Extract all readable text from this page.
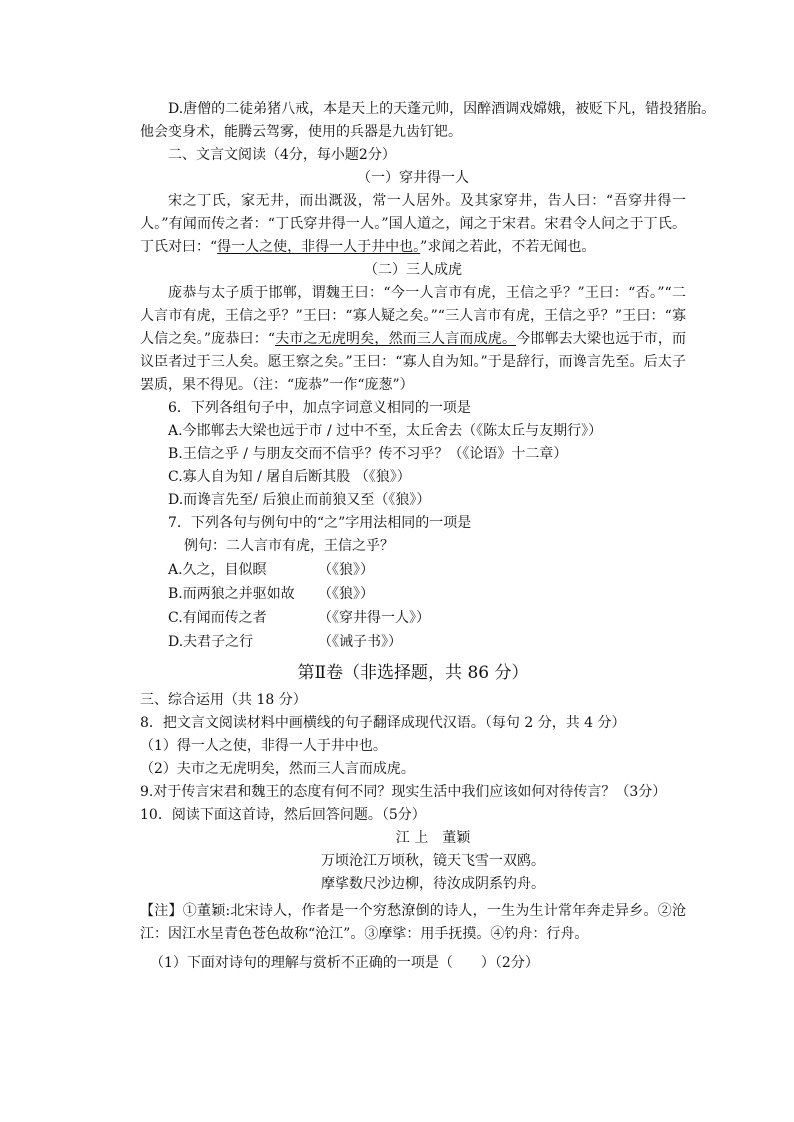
D.唐僧的二徒弟猪八戒，本是天上的天蓬元帅，因醉酒调戏嫦娥，被贬下凡，错投猪胎。
他会变身术，能腾云驾雾，使用的兵器是九齿钉钯。
二、文言文阅读（4分，每小题2分）
（一）穿井得一人
宋之丁氏，家无井，而出溉汲，常一人居外。及其家穿井，告人曰：“吾穿井得一人。”有闻而传之者：“丁氏穿井得一人。”国人道之，闻之于宋君。宋君令人问之于丁氏。丁氏对曰：“得一人之使，非得一人于井中也。”求闻之若此，不若无闻也。
（二）三人成虎
庞恭与太子质于邯郸，谓魏王曰：“今一人言市有虎，王信之乎？”王曰：“否。”“二人言市有虎，王信之乎？”王曰：“寡人疑之矣。”“三人言市有虎，王信之乎？”王曰：“寡人信之矣。”庞恭曰：“夫市之无虎明矣，然而三人言而成虎。今邯郸去大梁也远于市，而议臣者过于三人矣。愿王察之矣。”王曰：“寡人自为知。”于是辞行，而谗言先至。后太子罢质，果不得见。（注：“庞恭”一作“庞葱”）
6．下列各组句子中，加点字词意义相同的一项是
A.今邯郸去大梁也远于市 / 过中不至，太丘舍去（《陈太丘与友期行》）
B.王信之乎 / 与朋友交而不信乎？传不习乎？（《论语》十二章）
C.寡人自为知 / 屠自后断其股 （《狼》）
D.而谗言先至/ 后狼止而前狼又至（《狼》）
7．下列各句与例句中的“之”字用法相同的一项是
例句：二人言市有虎，王信之乎？
A.久之，目似瞑	（《狼》）
B.而两狼之并驱如故	（《狼》）
C.有闻而传之者	（《穿井得一人》）
D.夫君子之行	（《诫子书》）
第Ⅱ卷（非选择题，共 86 分）
三、综合运用（共 18 分）
8．把文言文阅读材料中画横线的句子翻译成现代汉语。（每句 2 分，共 4 分）
（1）得一人之使，非得一人于井中也。
（2）夫市之无虎明矣，然而三人言而成虎。
9.对于传言宋君和魏王的态度有何不同？现实生活中我们应该如何对待传言？（3分）
10．阅读下面这首诗，然后回答问题。（5分）
江 上　董颖
万顷沧江万顷秋，镜天飞雪一双鸥。
摩挲数尺沙边柳，待汝成阴系钓舟。
【注】①董颖:北宋诗人，作者是一个穷愁潦倒的诗人，一生为生计常年奔走异乡。②沧江：因江水呈青色苍色故称“沧江”。③摩挲：用手抚摸。④钓舟：行舟。
（1）下面对诗句的理解与赏析不正确的一项是（　　）（2分）
